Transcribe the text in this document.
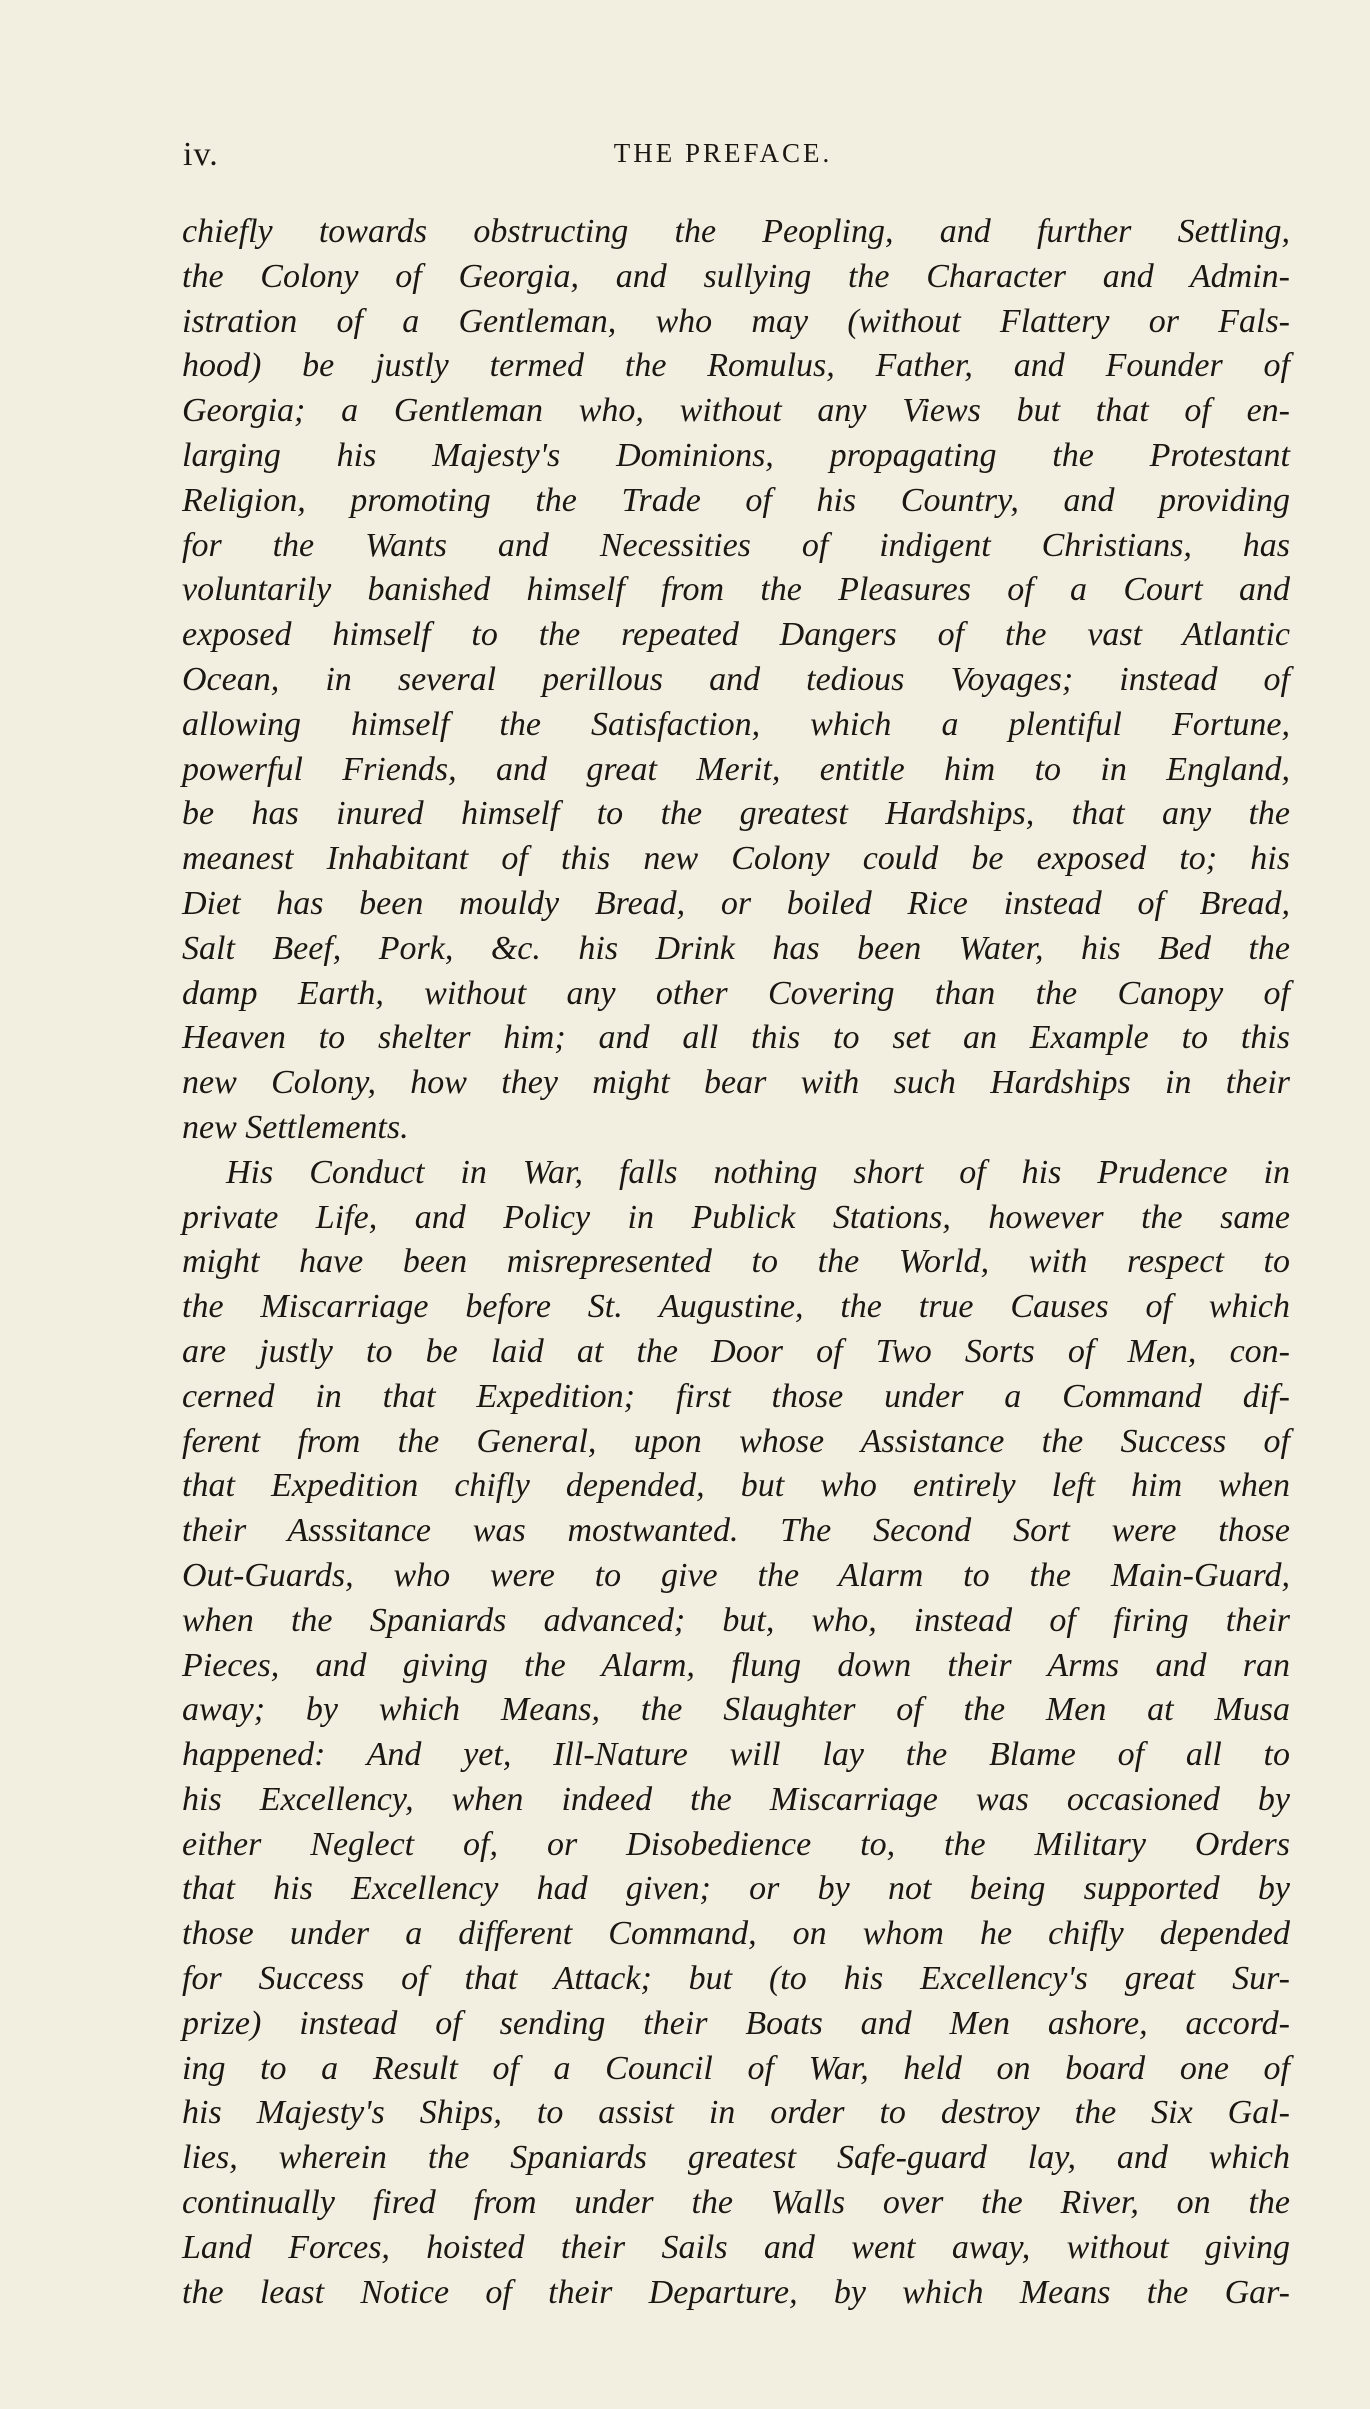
iv.	THE PREFACE.
chiefly towards obstructing the Peopling, and further Settling,
the Colony of Georgia, and sullying the Character and Admin-
istration of a Gentleman, who may (without Flattery or Fals-
hood) be justly termed the Romulus, Father, and Founder of
Georgia; a Gentleman who, without any Views but that of en-
larging his Majesty's Dominions, propagating the Protestant
Religion, promoting the Trade of his Country, and providing
for the Wants and Necessities of indigent Christians, has
voluntarily banished himself from the Pleasures of a Court and
exposed himself to the repeated Dangers of the vast Atlantic
Ocean, in several perillous and tedious Voyages; instead of
allowing himself the Satisfaction, which a plentiful Fortune,
powerful Friends, and great Merit, entitle him to in England,
be has inured himself to the greatest Hardships, that any the
meanest Inhabitant of this new Colony could be exposed to; his
Diet has been mouldy Bread, or boiled Rice instead of Bread,
Salt Beef, Pork, &c. his Drink has been Water, his Bed the
damp Earth, without any other Covering than the Canopy of
Heaven to shelter him; and all this to set an Example to this
new Colony, how they might bear with such Hardships in their
new Settlements.
His Conduct in War, falls nothing short of his Prudence in
private Life, and Policy in Publick Stations, however the same
might have been misrepresented to the World, with respect to
the Miscarriage before St. Augustine, the true Causes of which
are justly to be laid at the Door of Two Sorts of Men, con-
cerned in that Expedition; first those under a Command dif-
ferent from the General, upon whose Assistance the Success of
that Expedition chifly depended, but who entirely left him when
their Asssitance was mostwanted. The Second Sort were those
Out-Guards, who were to give the Alarm to the Main-Guard,
when the Spaniards advanced; but, who, instead of firing their
Pieces, and giving the Alarm, flung down their Arms and ran
away; by which Means, the Slaughter of the Men at Musa
happened: And yet, Ill-Nature will lay the Blame of all to
his Excellency, when indeed the Miscarriage was occasioned by
either Neglect of, or Disobedience to, the Military Orders
that his Excellency had given; or by not being supported by
those under a different Command, on whom he chifly depended
for Success of that Attack; but (to his Excellency's great Sur-
prize) instead of sending their Boats and Men ashore, accord-
ing to a Result of a Council of War, held on board one of
his Majesty's Ships, to assist in order to destroy the Six Gal-
lies, wherein the Spaniards greatest Safe-guard lay, and which
continually fired from under the Walls over the River, on the
Land Forces, hoisted their Sails and went away, without giving
the least Notice of their Departure, by which Means the Gar-
